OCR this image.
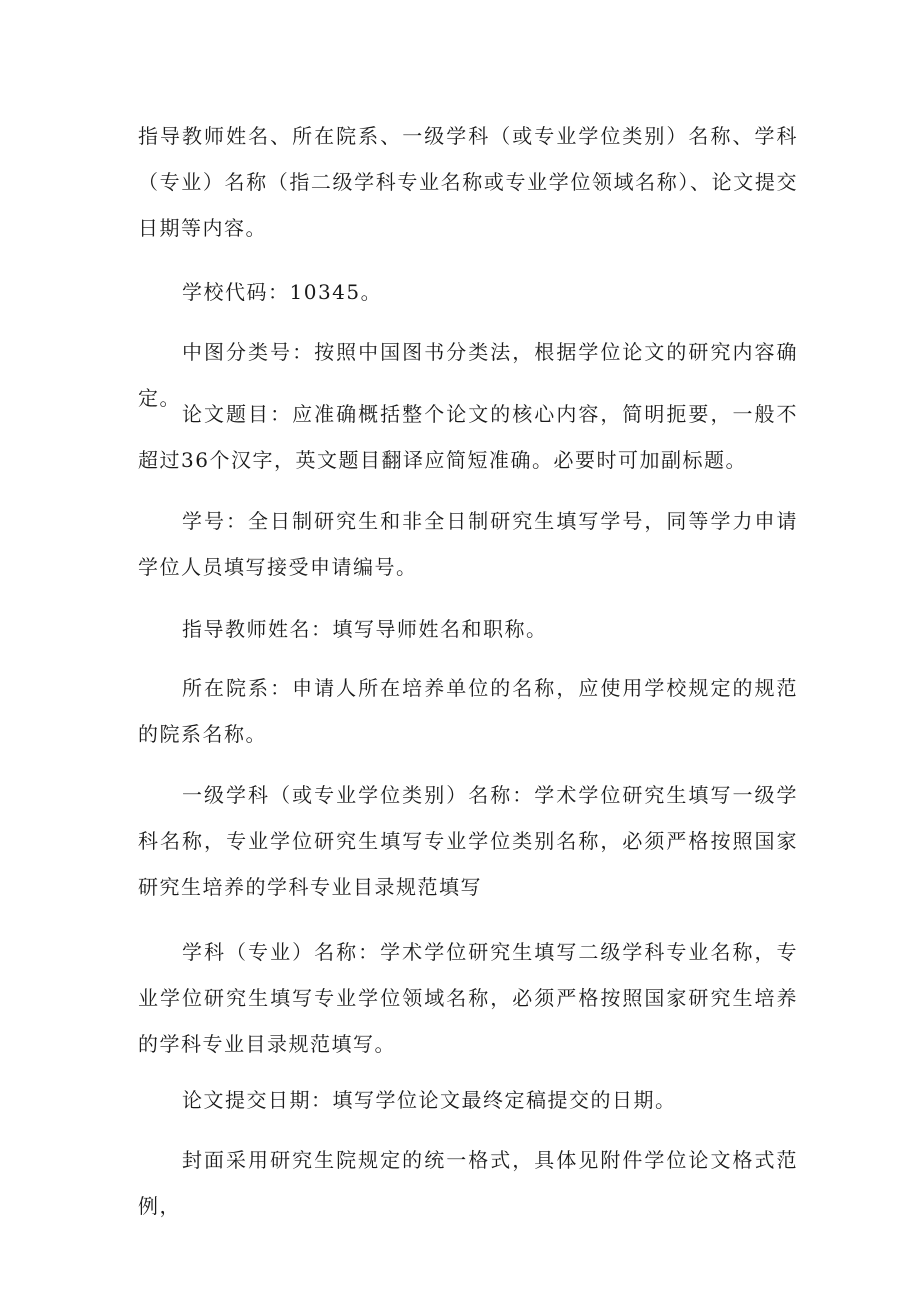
指导教师姓名、所在院系、一级学科（或专业学位类别）名称、学科（专业）名称（指二级学科专业名称或专业学位领域名称）、论文提交日期等内容。

学校代码：10345。

中图分类号：按照中国图书分类法，根据学位论文的研究内容确定。

论文题目：应准确概括整个论文的核心内容，简明扼要，一般不超过36个汉字，英文题目翻译应简短准确。必要时可加副标题。

学号：全日制研究生和非全日制研究生填写学号，同等学力申请学位人员填写接受申请编号。

指导教师姓名：填写导师姓名和职称。

所在院系：申请人所在培养单位的名称，应使用学校规定的规范的院系名称。

一级学科（或专业学位类别）名称：学术学位研究生填写一级学科名称，专业学位研究生填写专业学位类别名称，必须严格按照国家研究生培养的学科专业目录规范填写

学科（专业）名称：学术学位研究生填写二级学科专业名称，专业学位研究生填写专业学位领域名称，必须严格按照国家研究生培养的学科专业目录规范填写。

论文提交日期：填写学位论文最终定稿提交的日期。

封面采用研究生院规定的统一格式，具体见附件学位论文格式范例，
